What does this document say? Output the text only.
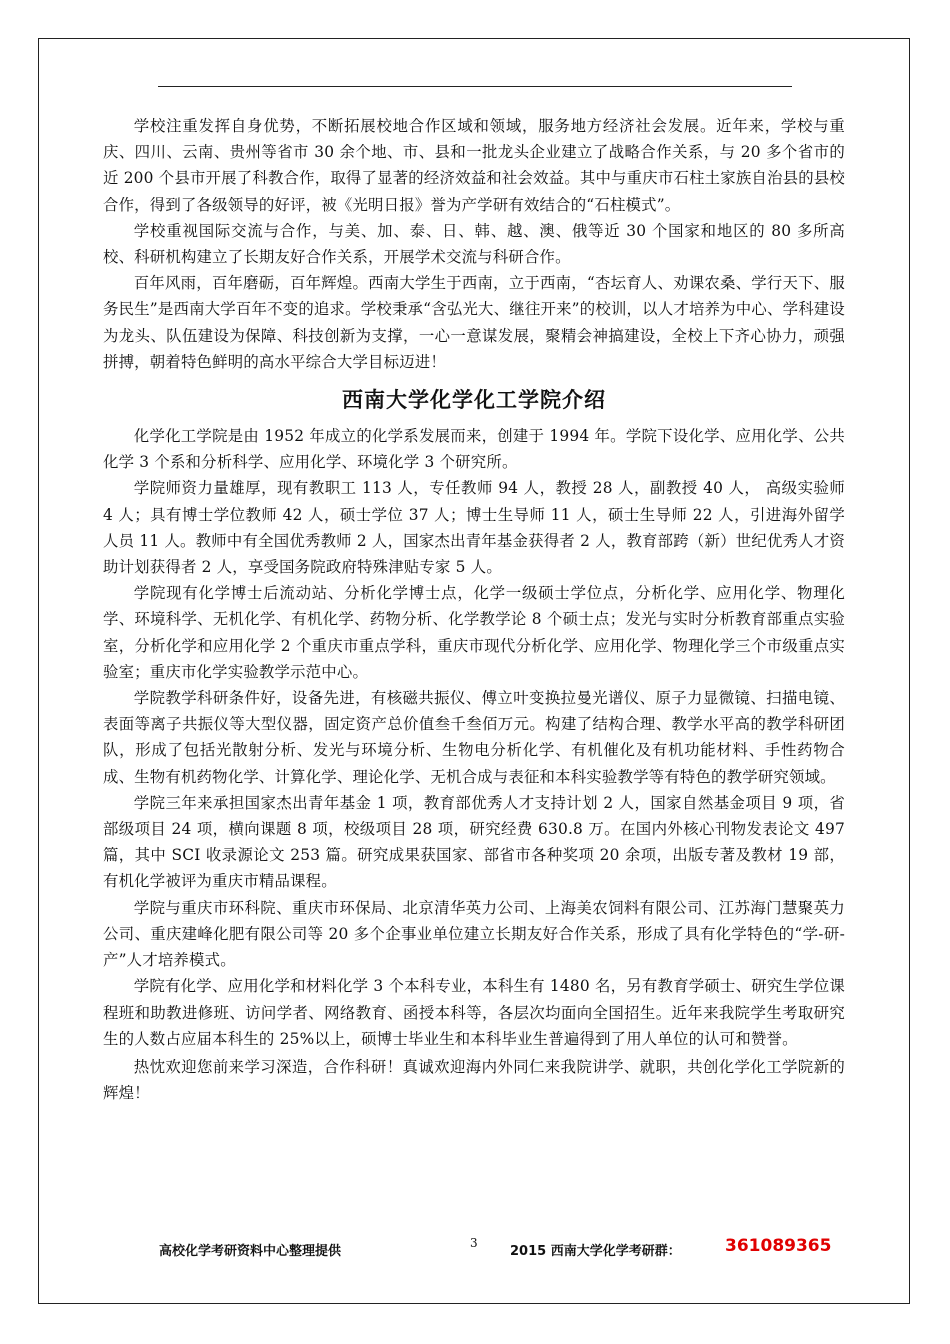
学校注重发挥自身优势，不断拓展校地合作区域和领域，服务地方经济社会发展。近年来，学校与重庆、四川、云南、贵州等省市 30 余个地、市、县和一批龙头企业建立了战略合作关系，与 20 多个省市的近 200 个县市开展了科教合作，取得了显著的经济效益和社会效益。其中与重庆市石柱土家族自治县的县校合作，得到了各级领导的好评，被《光明日报》誉为产学研有效结合的“石柱模式”。

学校重视国际交流与合作，与美、加、泰、日、韩、越、澳、俄等近 30 个国家和地区的 80 多所高校、科研机构建立了长期友好合作关系，开展学术交流与科研合作。

百年风雨，百年磨砺，百年辉煌。西南大学生于西南，立于西南，“杏坛育人、劝课农桑、学行天下、服务民生”是西南大学百年不变的追求。学校秉承“含弘光大、继往开来”的校训，以人才培养为中心、学科建设为龙头、队伍建设为保障、科技创新为支撑，一心一意谋发展，聚精会神搞建设，全校上下齐心协力，顽强拼搏，朝着特色鲜明的高水平综合大学目标迈进！

西南大学化学化工学院介绍

化学化工学院是由 1952 年成立的化学系发展而来，创建于 1994 年。学院下设化学、应用化学、公共化学 3 个系和分析科学、应用化学、环境化学 3 个研究所。

学院师资力量雄厚，现有教职工 113 人，专任教师 94 人，教授 28 人，副教授 40 人， 高级实验师 4 人；具有博士学位教师 42 人，硕士学位 37 人；博士生导师 11 人，硕士生导师 22 人，引进海外留学人员 11 人。教师中有全国优秀教师 2 人，国家杰出青年基金获得者 2 人，教育部跨（新）世纪优秀人才资助计划获得者 2 人，享受国务院政府特殊津贴专家 5 人。

学院现有化学博士后流动站、分析化学博士点，化学一级硕士学位点，分析化学、应用化学、物理化学、环境科学、无机化学、有机化学、药物分析、化学教学论 8 个硕士点；发光与实时分析教育部重点实验室，分析化学和应用化学 2 个重庆市重点学科，重庆市现代分析化学、应用化学、物理化学三个市级重点实验室；重庆市化学实验教学示范中心。

学院教学科研条件好，设备先进，有核磁共振仪、傅立叶变换拉曼光谱仪、原子力显微镜、扫描电镜、表面等离子共振仪等大型仪器，固定资产总价值叁千叁佰万元。构建了结构合理、教学水平高的教学科研团队，形成了包括光散射分析、发光与环境分析、生物电分析化学、有机催化及有机功能材料、手性药物合成、生物有机药物化学、计算化学、理论化学、无机合成与表征和本科实验教学等有特色的教学研究领域。

学院三年来承担国家杰出青年基金 1 项，教育部优秀人才支持计划 2 人，国家自然基金项目 9 项，省部级项目 24 项，横向课题 8 项，校级项目 28 项，研究经费 630.8 万。在国内外核心刊物发表论文 497 篇，其中 SCI 收录源论文 253 篇。研究成果获国家、部省市各种奖项 20 余项，出版专著及教材 19 部，有机化学被评为重庆市精品课程。

学院与重庆市环科院、重庆市环保局、北京清华英力公司、上海美农饲料有限公司、江苏海门慧聚英力公司、重庆建峰化肥有限公司等 20 多个企事业单位建立长期友好合作关系，形成了具有化学特色的“学-研-产”人才培养模式。

学院有化学、应用化学和材料化学 3 个本科专业，本科生有 1480 名，另有教育学硕士、研究生学位课程班和助教进修班、访问学者、网络教育、函授本科等，各层次均面向全国招生。近年来我院学生考取研究生的人数占应届本科生的 25%以上，硕博士毕业生和本科毕业生普遍得到了用人单位的认可和赞誉。

热忱欢迎您前来学习深造，合作科研！真诚欢迎海内外同仁来我院讲学、就职，共创化学化工学院新的辉煌！

高校化学考研资料中心整理提供
3
2015 西南大学化学考研群：	361089365
